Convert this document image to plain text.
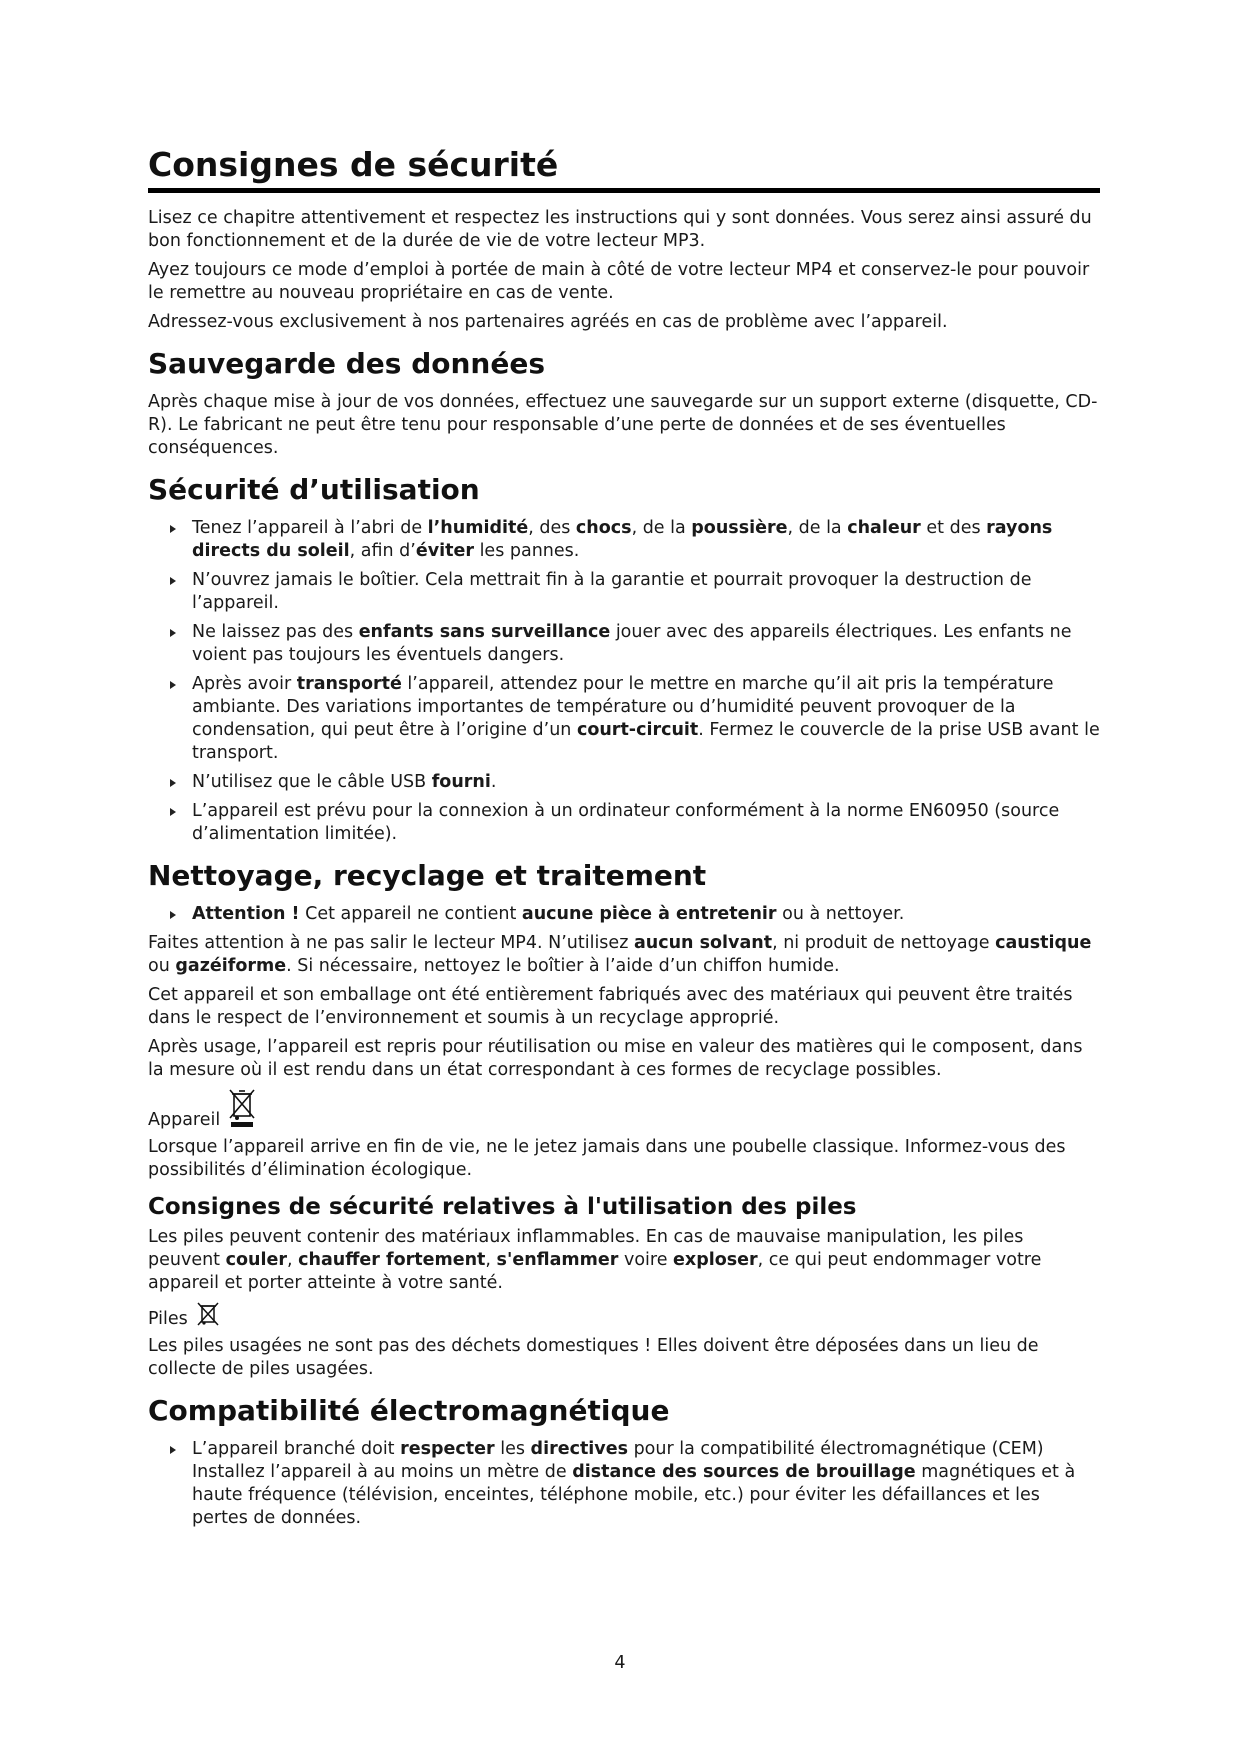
Consignes de sécurité

Lisez ce chapitre attentivement et respectez les instructions qui y sont données. Vous serez ainsi assuré du bon fonctionnement et de la durée de vie de votre lecteur MP3.

Ayez toujours ce mode d’emploi à portée de main à côté de votre lecteur MP4 et conservez-le pour pouvoir le remettre au nouveau propriétaire en cas de vente.

Adressez-vous exclusivement à nos partenaires agréés en cas de problème avec l’appareil.

Sauvegarde des données

Après chaque mise à jour de vos données, effectuez une sauvegarde sur un support externe (disquette, CD-R). Le fabricant ne peut être tenu pour responsable d’une perte de données et de ses éventuelles conséquences.

Sécurité d’utilisation
Tenez l’appareil à l’abri de l’humidité, des chocs, de la poussière, de la chaleur et des rayons directs du soleil, afin d’éviter les pannes.
N’ouvrez jamais le boîtier. Cela mettrait fin à la garantie et pourrait provoquer la destruction de l’appareil.
Ne laissez pas des enfants sans surveillance jouer avec des appareils électriques. Les enfants ne voient pas toujours les éventuels dangers.
Après avoir transporté l’appareil, attendez pour le mettre en marche qu’il ait pris la température ambiante. Des variations importantes de température ou d’humidité peuvent provoquer de la condensation, qui peut être à l’origine d’un court-circuit. Fermez le couvercle de la prise USB avant le transport.
N’utilisez que le câble USB fourni.
L’appareil est prévu pour la connexion à un ordinateur conformément à la norme EN60950 (source d’alimentation limitée).
Nettoyage, recyclage et traitement
Attention ! Cet appareil ne contient aucune pièce à entretenir ou à nettoyer.

Faites attention à ne pas salir le lecteur MP4. N’utilisez aucun solvant, ni produit de nettoyage caustique ou gazéiforme. Si nécessaire, nettoyez le boîtier à l’aide d’un chiffon humide.

Cet appareil et son emballage ont été entièrement fabriqués avec des matériaux qui peuvent être traités dans le respect de l’environnement et soumis à un recyclage approprié.

Après usage, l’appareil est repris pour réutilisation ou mise en valeur des matières qui le composent, dans la mesure où il est rendu dans un état correspondant à ces formes de recyclage possibles.

Appareil

Lorsque l’appareil arrive en fin de vie, ne le jetez jamais dans une poubelle classique. Informez-vous des possibilités d’élimination écologique.

Consignes de sécurité relatives à l'utilisation des piles

Les piles peuvent contenir des matériaux inflammables. En cas de mauvaise manipulation, les piles peuvent couler, chauffer fortement, s'enflammer voire exploser, ce qui peut endommager votre appareil et porter atteinte à votre santé.

Piles

Les piles usagées ne sont pas des déchets domestiques ! Elles doivent être déposées dans un lieu de collecte de piles usagées.

Compatibilité électromagnétique
L’appareil branché doit respecter les directives pour la compatibilité électromagnétique (CEM) Installez l’appareil à au moins un mètre de distance des sources de brouillage magnétiques et à haute fréquence (télévision, enceintes, téléphone mobile, etc.) pour éviter les défaillances et les pertes de données.
4
